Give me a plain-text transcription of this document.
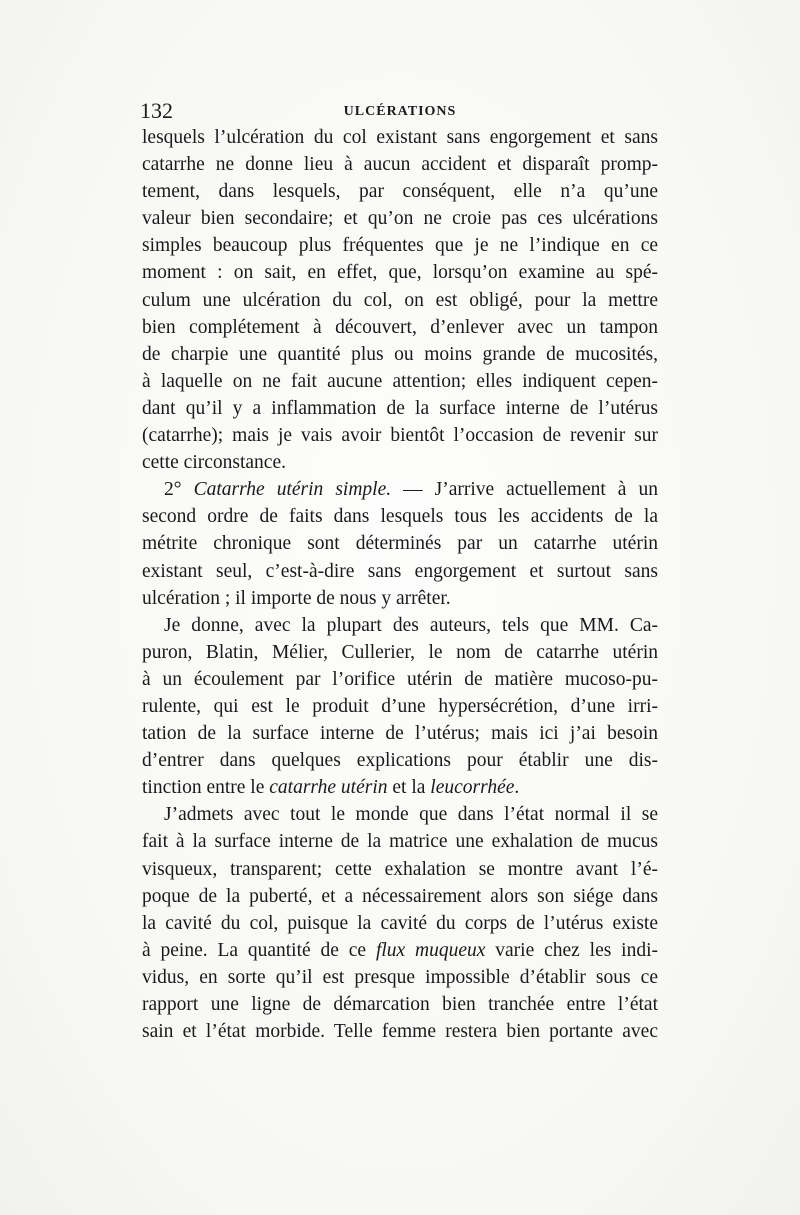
132	ULCÉRATIONS
lesquels l’ulcération du col existant sans engorgement et sans
catarrhe ne donne lieu à aucun accident et disparaît promp-
tement, dans lesquels, par conséquent, elle n’a qu’une
valeur bien secondaire; et qu’on ne croie pas ces ulcérations
simples beaucoup plus fréquentes que je ne l’indique en ce
moment : on sait, en effet, que, lorsqu’on examine au spé-
culum une ulcération du col, on est obligé, pour la mettre
bien complétement à découvert, d’enlever avec un tampon
de charpie une quantité plus ou moins grande de mucosités,
à laquelle on ne fait aucune attention; elles indiquent cepen-
dant qu’il y a inflammation de la surface interne de l’utérus
(catarrhe); mais je vais avoir bientôt l’occasion de revenir sur
cette circonstance.
2° Catarrhe utérin simple. — J’arrive actuellement à un
second ordre de faits dans lesquels tous les accidents de la
métrite chronique sont déterminés par un catarrhe utérin
existant seul, c’est-à-dire sans engorgement et surtout sans
ulcération ; il importe de nous y arrêter.
Je donne, avec la plupart des auteurs, tels que MM. Ca-
puron, Blatin, Mélier, Cullerier, le nom de catarrhe utérin
à un écoulement par l’orifice utérin de matière mucoso-pu-
rulente, qui est le produit d’une hypersécrétion, d’une irri-
tation de la surface interne de l’utérus; mais ici j’ai besoin
d’entrer dans quelques explications pour établir une dis-
tinction entre le catarrhe utérin et la leucorrhée.
J’admets avec tout le monde que dans l’état normal il se
fait à la surface interne de la matrice une exhalation de mucus
visqueux, transparent; cette exhalation se montre avant l’é-
poque de la puberté, et a nécessairement alors son siége dans
la cavité du col, puisque la cavité du corps de l’utérus existe
à peine. La quantité de ce flux muqueux varie chez les indi-
vidus, en sorte qu’il est presque impossible d’établir sous ce
rapport une ligne de démarcation bien tranchée entre l’état
sain et l’état morbide. Telle femme restera bien portante avec
